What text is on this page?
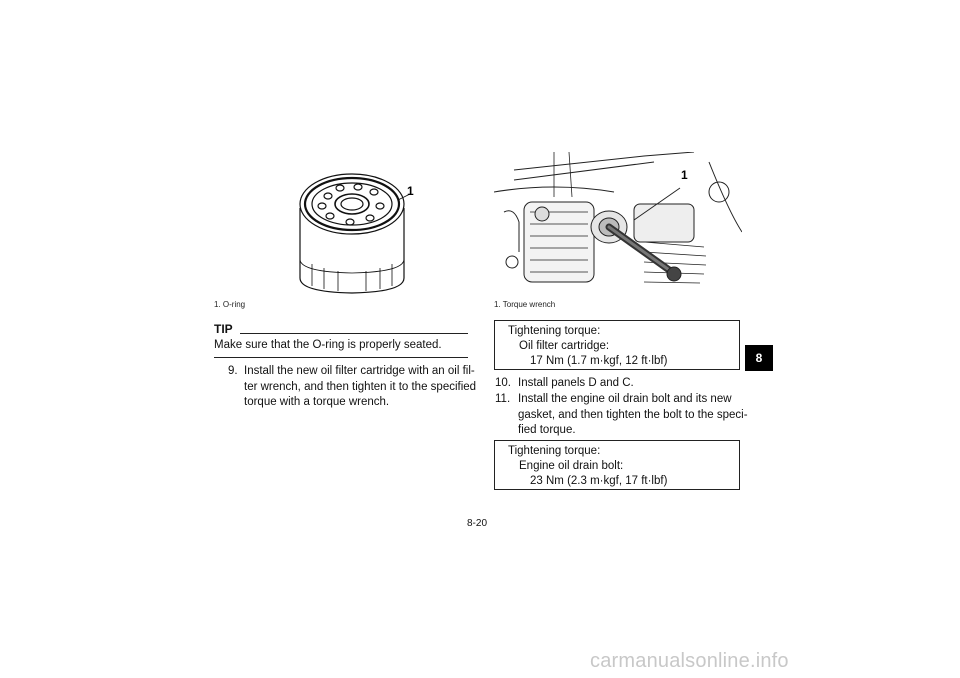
1
1. O-ring
TIP
Make sure that the O-ring is properly seated.
9. Install the new oil filter cartridge with an oil fil-
ter wrench, and then tighten it to the specified
torque with a torque wrench.
1
1. Torque wrench
Tightening torque:
Oil filter cartridge:
17 Nm (1.7 m·kgf, 12 ft·lbf)
10. Install panels D and C.
11. Install the engine oil drain bolt and its new
gasket, and then tighten the bolt to the speci-
fied torque.
Tightening torque:
Engine oil drain bolt:
23 Nm (2.3 m·kgf, 17 ft·lbf)
8-20
8
carmanualsonline.info
